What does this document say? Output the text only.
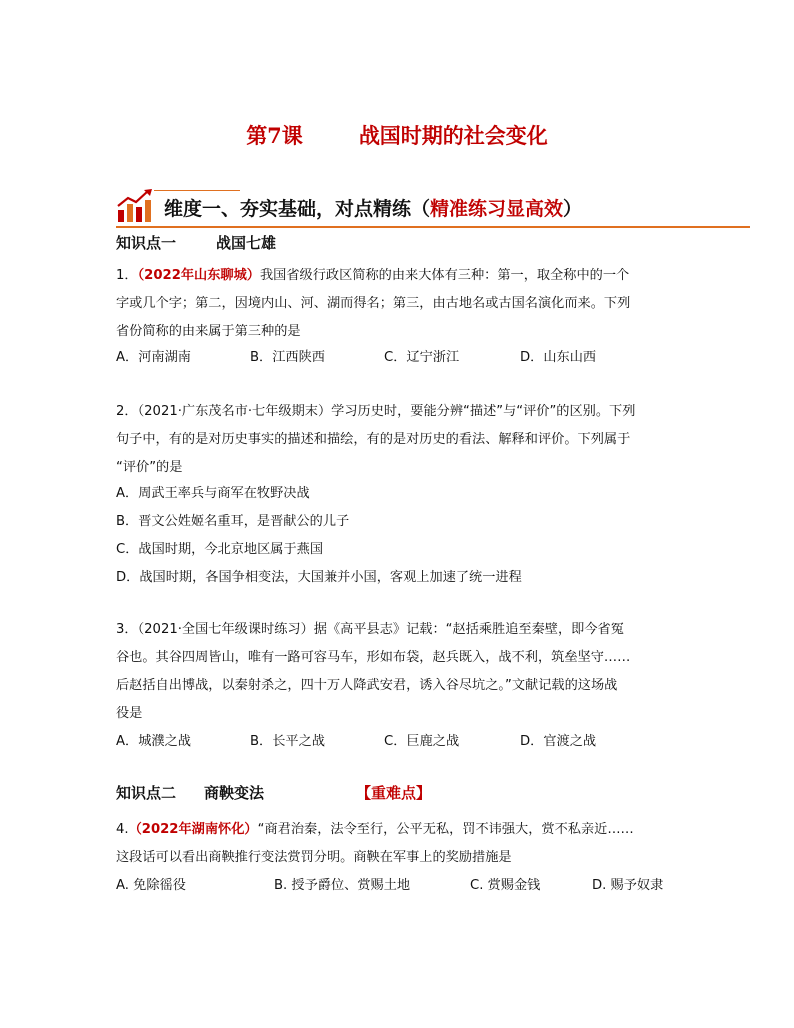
第7课	战国时期的社会变化
维度一、夯实基础，对点精练（精准练习显高效）
知识点一	战国七雄
1．（2022年山东聊城）我国省级行政区简称的由来大体有三种：第一，取全称中的一个
字或几个字；第二，因境内山、河、湖而得名；第三，由古地名或古国名演化而来。下列
省份简称的由来属于第三种的是
A．河南湖南	B．江西陕西	C．辽宁浙江	D．山东山西
2．（2021·广东茂名市·七年级期末）学习历史时，要能分辨“描述”与“评价”的区别。下列
句子中，有的是对历史事实的描述和描绘，有的是对历史的看法、解释和评价。下列属于
“评价”的是
A．周武王率兵与商军在牧野决战
B．晋文公姓姬名重耳，是晋献公的儿子
C．战国时期，今北京地区属于燕国
D．战国时期，各国争相变法，大国兼并小国，客观上加速了统一进程
3．（2021·全国七年级课时练习）据《高平县志》记载：“赵括乘胜追至秦壁，即今省冤
谷也。其谷四周皆山，唯有一路可容马车，形如布袋，赵兵既入，战不利，筑垒坚守……
后赵括自出博战，以秦射杀之，四十万人降武安君，诱入谷尽坑之。”文献记载的这场战
役是
A．城濮之战	B．长平之战	C．巨鹿之战	D．官渡之战
知识点二 商鞅变法	【重难点】
4.（2022年湖南怀化）“商君治秦，法令至行，公平无私，罚不讳强大，赏不私亲近……
这段话可以看出商鞅推行变法赏罚分明。商鞅在军事上的奖励措施是
A. 免除徭役	B. 授予爵位、赏赐土地	C. 赏赐金钱	D. 赐予奴隶
